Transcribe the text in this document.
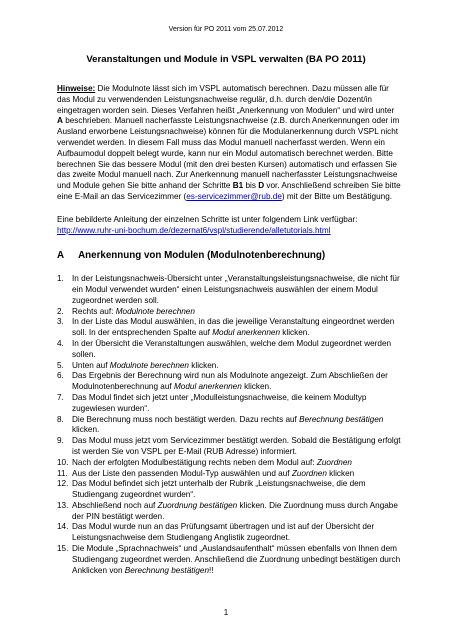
Version für PO 2011 vom 25.07.2012
Veranstaltungen und Module in VSPL verwalten (BA PO 2011)

Hinweise: Die Modulnote lässt sich im VSPL automatisch berechnen. Dazu müssen alle für das Modul zu verwendenden Leistungsnachweise regulär, d.h. durch den/die Dozent/in eingetragen worden sein. Dieses Verfahren heißt „Anerkennung von Modulen“ und wird unter A beschrieben. Manuell nacherfasste Leistungsnachweise (z.B. durch Anerkennungen oder im Ausland erworbene Leistungsnachweise) können für die Modulanerkennung durch VSPL nicht verwendet werden. In diesem Fall muss das Modul manuell nacherfasst werden. Wenn ein Aufbaumodul doppelt belegt wurde, kann nur ein Modul automatisch berechnet werden. Bitte berechnen Sie das bessere Modul (mit den drei besten Kursen) automatisch und erfassen Sie das zweite Modul manuell nach. Zur Anerkennung manuell nacherfasster Leistungsnachweise und Module gehen Sie bitte anhand der Schritte B1 bis D vor. Anschließend schreiben Sie bitte eine E-Mail an das Servicezimmer (es-servicezimmer@rub.de) mit der Bitte um Bestätigung.

Eine bebilderte Anleitung der einzelnen Schritte ist unter folgendem Link verfügbar:
http://www.ruhr-uni-bochum.de/dezernat6/vspl/studierende/alletutorials.html

A Anerkennung von Modulen (Modulnotenberechnung)
1. In der Leistungsnachweis-Übersicht unter „Veranstaltungsleistungsnachweise, die nicht für ein Modul verwendet wurden“ einen Leistungsnachweis auswählen der einem Modul zugeordnet werden soll.
2. Rechts auf: Modulnote berechnen
3. In der Liste das Modul auswählen, in das die jeweilige Veranstaltung eingeordnet werden soll. In der entsprechenden Spalte auf Modul anerkennen klicken.
4. In der Übersicht die Veranstaltungen auswählen, welche dem Modul zugeordnet werden sollen.
5. Unten auf Modulnote berechnen klicken.
6. Das Ergebnis der Berechnung wird nun als Modulnote angezeigt. Zum Abschließen der Modulnotenberechnung auf Modul anerkennen klicken.
7. Das Modul findet sich jetzt unter „Modulleistungsnachweise, die keinem Modultyp zugewiesen wurden“.
8. Die Berechnung muss noch bestätigt werden. Dazu rechts auf Berechnung bestätigen klicken.
9. Das Modul muss jetzt vom Servicezimmer bestätigt werden. Sobald die Bestätigung erfolgt ist werden Sie von VSPL per E-Mail (RUB Adresse) informiert.
10. Nach der erfolgten Modulbestätigung rechts neben dem Modul auf: Zuordnen
11. Aus der Liste den passenden Modul-Typ auswählen und auf Zuordnen klicken
12. Das Modul befindet sich jetzt unterhalb der Rubrik „Leistungsnachweise, die dem Studiengang zugeordnet wurden“.
13. Abschließend noch auf Zuordnung bestätigen klicken. Die Zuordnung muss durch Angabe der PIN bestätigt werden.
14. Das Modul wurde nun an das Prüfungsamt übertragen und ist auf der Übersicht der Leistungsnachweise dem Studiengang Anglistik zugeordnet.
15. Die Module „Sprachnachweis“ und „Auslandsaufenthalt“ müssen ebenfalls von Ihnen dem Studiengang zugeordnet werden. Anschließend die Zuordnung unbedingt bestätigen durch Anklicken von Berechnung bestätigen!!
1
